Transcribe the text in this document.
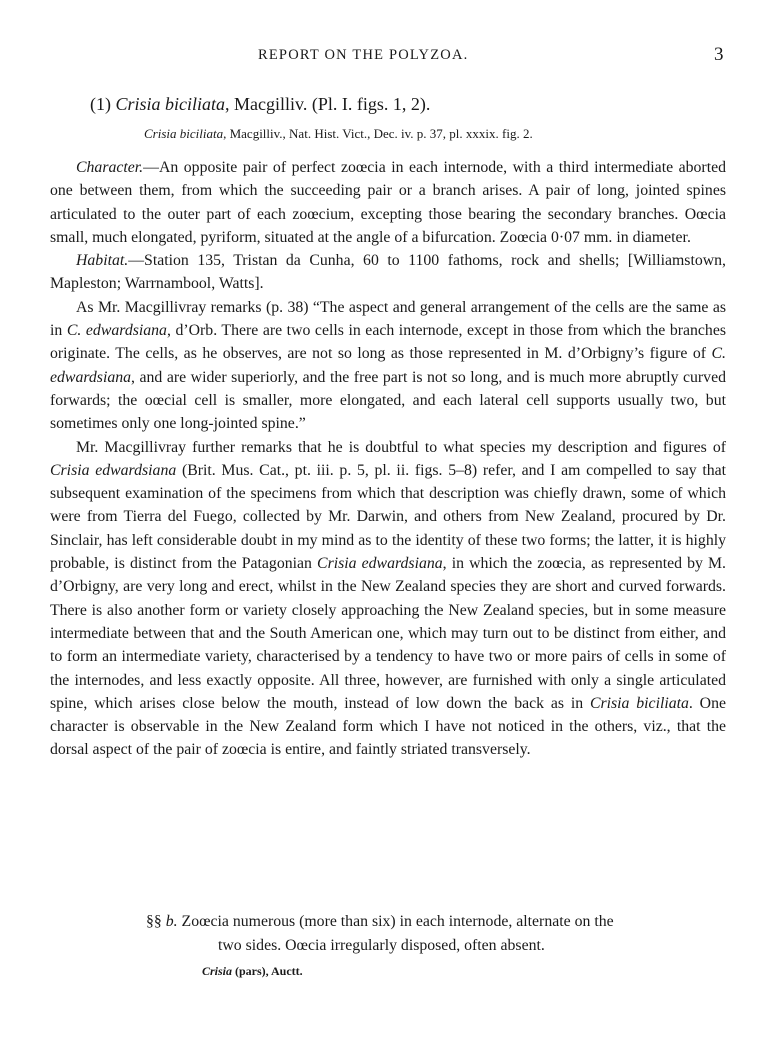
REPORT ON THE POLYZOA.	3
(1) Crisia biciliata, Macgilliv. (Pl. I. figs. 1, 2).
Crisia biciliata, Macgilliv., Nat. Hist. Vict., Dec. iv. p. 37, pl. xxxix. fig. 2.

Character.—An opposite pair of perfect zoœcia in each internode, with a third intermediate aborted one between them, from which the succeeding pair or a branch arises. A pair of long, jointed spines articulated to the outer part of each zoœcium, excepting those bearing the secondary branches. Oœcia small, much elongated, pyriform, situated at the angle of a bifurcation. Zoœcia 0·07 mm. in diameter.

Habitat.—Station 135, Tristan da Cunha, 60 to 1100 fathoms, rock and shells; [Williamstown, Mapleston; Warrnambool, Watts].

As Mr. Macgillivray remarks (p. 38) “The aspect and general arrangement of the cells are the same as in C. edwardsiana, d’Orb. There are two cells in each internode, except in those from which the branches originate. The cells, as he observes, are not so long as those represented in M. d’Orbigny’s figure of C. edwardsiana, and are wider superiorly, and the free part is not so long, and is much more abruptly curved forwards; the oœcial cell is smaller, more elongated, and each lateral cell supports usually two, but sometimes only one long-jointed spine.”

Mr. Macgillivray further remarks that he is doubtful to what species my description and figures of Crisia edwardsiana (Brit. Mus. Cat., pt. iii. p. 5, pl. ii. figs. 5–8) refer, and I am compelled to say that subsequent examination of the specimens from which that description was chiefly drawn, some of which were from Tierra del Fuego, collected by Mr. Darwin, and others from New Zealand, procured by Dr. Sinclair, has left considerable doubt in my mind as to the identity of these two forms; the latter, it is highly probable, is distinct from the Patagonian Crisia edwardsiana, in which the zoœcia, as represented by M. d’Orbigny, are very long and erect, whilst in the New Zealand species they are short and curved forwards. There is also another form or variety closely approaching the New Zealand species, but in some measure intermediate between that and the South American one, which may turn out to be distinct from either, and to form an intermediate variety, characterised by a tendency to have two or more pairs of cells in some of the internodes, and less exactly opposite. All three, however, are furnished with only a single articulated spine, which arises close below the mouth, instead of low down the back as in Crisia biciliata. One character is observable in the New Zealand form which I have not noticed in the others, viz., that the dorsal aspect of the pair of zoœcia is entire, and faintly striated transversely.

§§ b. Zoœcia numerous (more than six) in each internode, alternate on the
two sides. Oœcia irregularly disposed, often absent.
Crisia (pars), Auctt.
